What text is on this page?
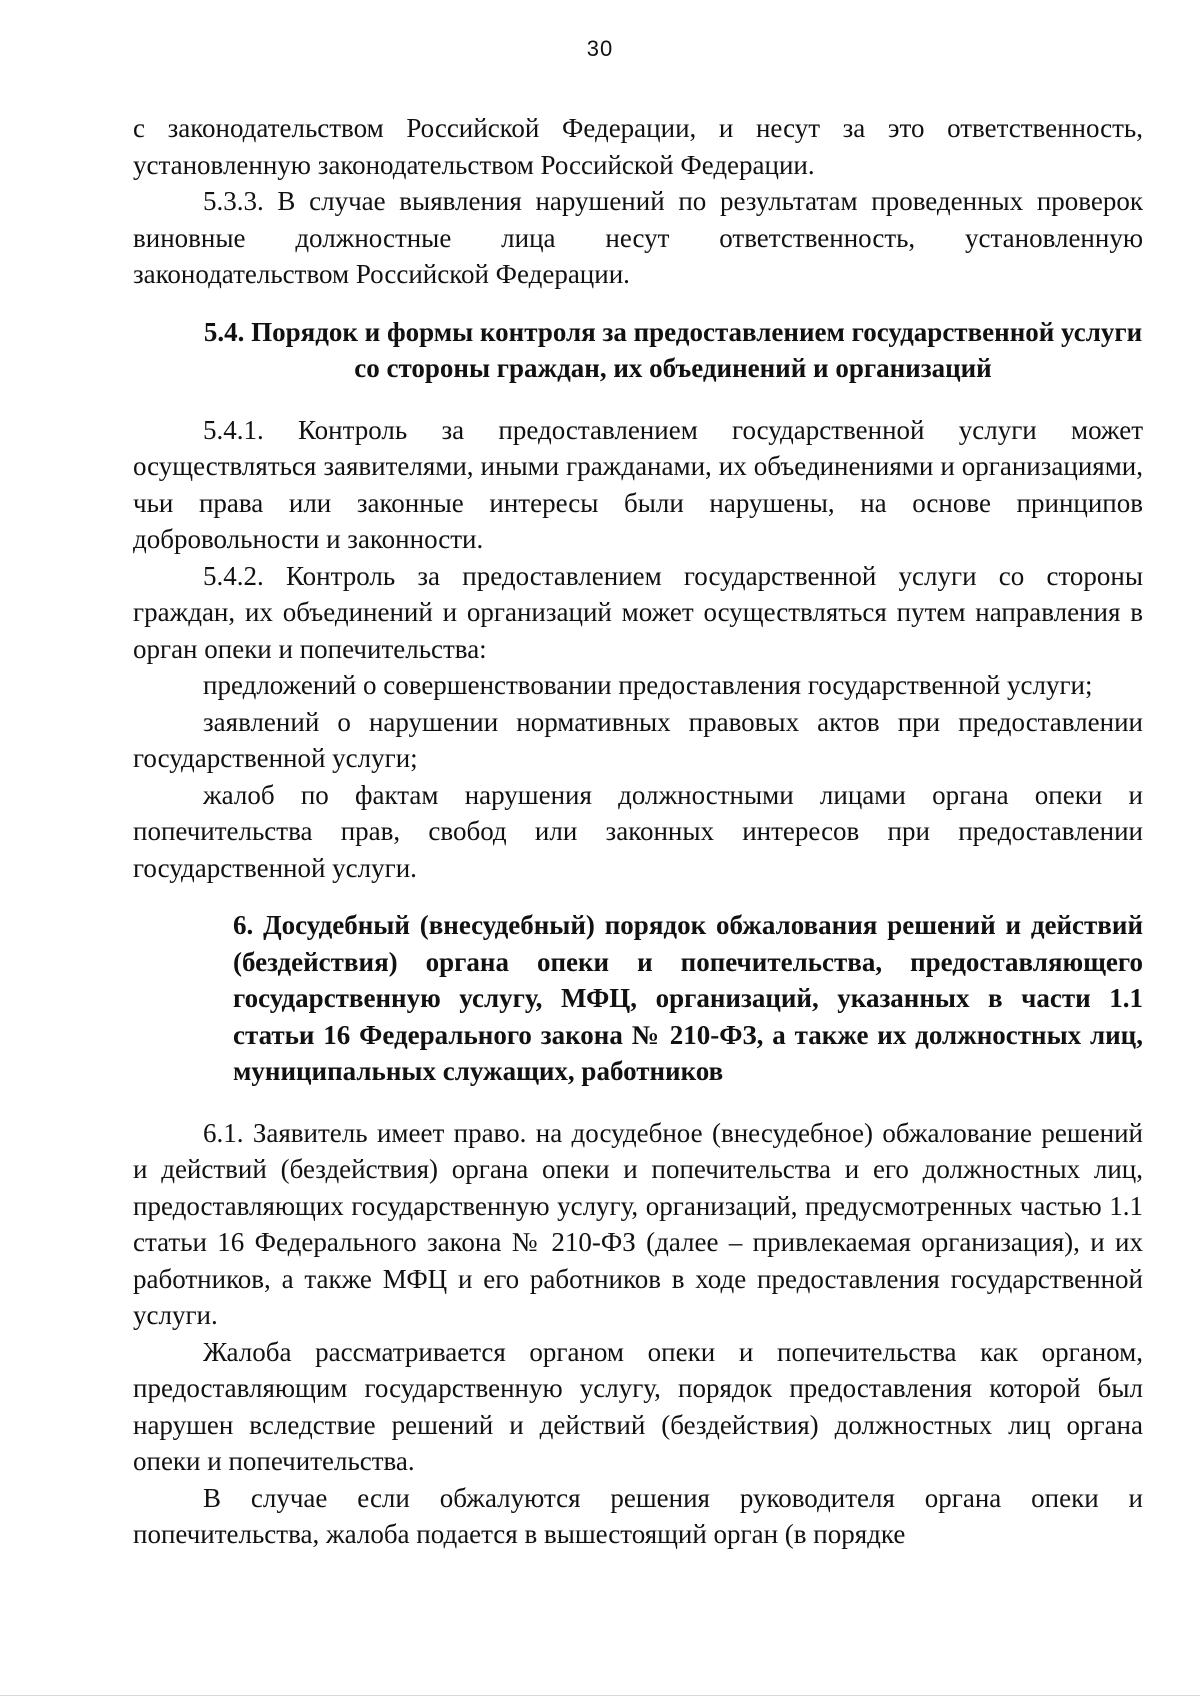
30

с законодательством Российской Федерации, и несут за это ответственность, установленную законодательством Российской Федерации.

5.3.3. В случае выявления нарушений по результатам проведенных проверок виновные должностные лица несут ответственность, установленную законодательством Российской Федерации.

5.4. Порядок и формы контроля за предоставлением государственной услуги со стороны граждан, их объединений и организаций

5.4.1. Контроль за предоставлением государственной услуги может осуществляться заявителями, иными гражданами, их объединениями и организациями, чьи права или законные интересы были нарушены, на основе принципов добровольности и законности.

5.4.2. Контроль за предоставлением государственной услуги со стороны граждан, их объединений и организаций может осуществляться путем направления в орган опеки и попечительства:

предложений о совершенствовании предоставления государственной услуги;

заявлений о нарушении нормативных правовых актов при предоставлении государственной услуги;

жалоб по фактам нарушения должностными лицами органа опеки и попечительства прав, свобод или законных интересов при предоставлении государственной услуги.

6. Досудебный (внесудебный) порядок обжалования решений и действий (бездействия) органа опеки и попечительства, предоставляющего государственную услугу, МФЦ, организаций, указанных в части 1.1 статьи 16 Федерального закона № 210-ФЗ, а также их должностных лиц, муниципальных служащих, работников

6.1. Заявитель имеет право. на досудебное (внесудебное) обжалование решений и действий (бездействия) органа опеки и попечительства и его должностных лиц, предоставляющих государственную услугу, организаций, предусмотренных частью 1.1 статьи 16 Федерального закона № 210-ФЗ (далее – привлекаемая организация), и их работников, а также МФЦ и его работников в ходе предоставления государственной услуги.

Жалоба рассматривается органом опеки и попечительства как органом, предоставляющим государственную услугу, порядок предоставления которой был нарушен вследствие решений и действий (бездействия) должностных лиц органа опеки и попечительства.

В случае если обжалуются решения руководителя органа опеки и попечительства, жалоба подается в вышестоящий орган (в порядке
